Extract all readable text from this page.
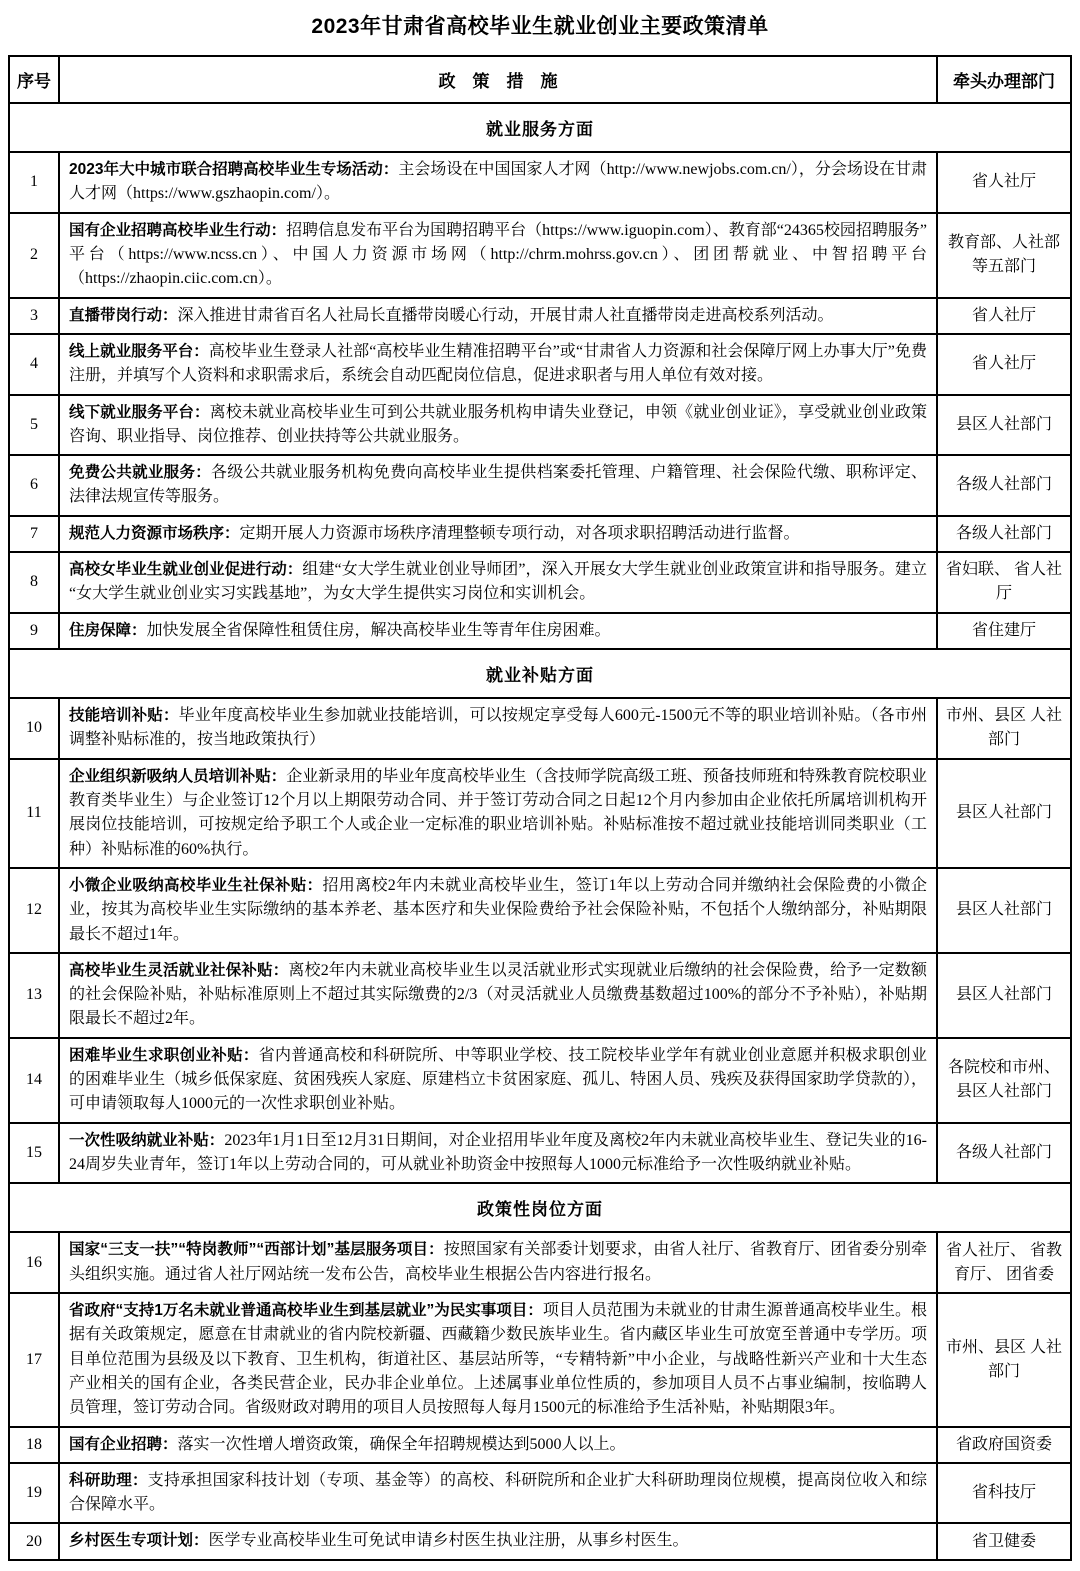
2023年甘肃省高校毕业生就业创业主要政策清单
序号	政　策　措　施	牵头办理部门
就业服务方面		
1	2023年大中城市联合招聘高校毕业生专场活动：主会场设在中国国家人才网（http://www.newjobs.com.cn/），分会场设在甘肃人才网（https://www.gszhaopin.com/）。	省人社厅
2	国有企业招聘高校毕业生行动：招聘信息发布平台为国聘招聘平台（https://www.iguopin.com）、教育部“24365校园招聘服务”平台（https://www.ncss.cn）、中国人力资源市场网（http://chrm.mohrss.gov.cn）、团团帮就业、中智招聘平台（https://zhaopin.ciic.com.cn）。	教育部、人社部等五部门
3	直播带岗行动：深入推进甘肃省百名人社局长直播带岗暖心行动，开展甘肃人社直播带岗走进高校系列活动。	省人社厅
4	线上就业服务平台：高校毕业生登录人社部“高校毕业生精准招聘平台”或“甘肃省人力资源和社会保障厅网上办事大厅”免费注册，并填写个人资料和求职需求后，系统会自动匹配岗位信息，促进求职者与用人单位有效对接。	省人社厅
5	线下就业服务平台：离校未就业高校毕业生可到公共就业服务机构申请失业登记，申领《就业创业证》，享受就业创业政策咨询、职业指导、岗位推荐、创业扶持等公共就业服务。	县区人社部门
6	免费公共就业服务：各级公共就业服务机构免费向高校毕业生提供档案委托管理、户籍管理、社会保险代缴、职称评定、法律法规宣传等服务。	各级人社部门
7	规范人力资源市场秩序：定期开展人力资源市场秩序清理整顿专项行动，对各项求职招聘活动进行监督。	各级人社部门
8	高校女毕业生就业创业促进行动：组建“女大学生就业创业导师团”，深入开展女大学生就业创业政策宣讲和指导服务。建立“女大学生就业创业实习实践基地”，为女大学生提供实习岗位和实训机会。	省妇联、 省人社厅
9	住房保障：加快发展全省保障性租赁住房，解决高校毕业生等青年住房困难。	省住建厅
就业补贴方面		
10	技能培训补贴：毕业年度高校毕业生参加就业技能培训，可以按规定享受每人600元-1500元不等的职业培训补贴。（各市州调整补贴标准的，按当地政策执行）	市州、县区 人社部门
11	企业组织新吸纳人员培训补贴：企业新录用的毕业年度高校毕业生（含技师学院高级工班、预备技师班和特殊教育院校职业教育类毕业生）与企业签订12个月以上期限劳动合同、并于签订劳动合同之日起12个月内参加由企业依托所属培训机构开展岗位技能培训，可按规定给予职工个人或企业一定标准的职业培训补贴。补贴标准按不超过就业技能培训同类职业（工种）补贴标准的60%执行。	县区人社部门
12	小微企业吸纳高校毕业生社保补贴：招用离校2年内未就业高校毕业生，签订1年以上劳动合同并缴纳社会保险费的小微企业，按其为高校毕业生实际缴纳的基本养老、基本医疗和失业保险费给予社会保险补贴，不包括个人缴纳部分，补贴期限最长不超过1年。	县区人社部门
13	高校毕业生灵活就业社保补贴：离校2年内未就业高校毕业生以灵活就业形式实现就业后缴纳的社会保险费，给予一定数额的社会保险补贴，补贴标准原则上不超过其实际缴费的2/3（对灵活就业人员缴费基数超过100%的部分不予补贴），补贴期限最长不超过2年。	县区人社部门
14	困难毕业生求职创业补贴：省内普通高校和科研院所、中等职业学校、技工院校毕业学年有就业创业意愿并积极求职创业的困难毕业生（城乡低保家庭、贫困残疾人家庭、原建档立卡贫困家庭、孤儿、特困人员、残疾及获得国家助学贷款的），可申请领取每人1000元的一次性求职创业补贴。	各院校和市州、 县区人社部门
15	一次性吸纳就业补贴：2023年1月1日至12月31日期间，对企业招用毕业年度及离校2年内未就业高校毕业生、登记失业的16-24周岁失业青年，签订1年以上劳动合同的，可从就业补助资金中按照每人1000元标准给予一次性吸纳就业补贴。	各级人社部门
政策性岗位方面		
16	国家“三支一扶”“特岗教师”“西部计划”基层服务项目：按照国家有关部委计划要求，由省人社厅、省教育厅、团省委分别牵头组织实施。通过省人社厅网站统一发布公告，高校毕业生根据公告内容进行报名。	省人社厅、 省教育厅、 团省委
17	省政府“支持1万名未就业普通高校毕业生到基层就业”为民实事项目：项目人员范围为未就业的甘肃生源普通高校毕业生。根据有关政策规定，愿意在甘肃就业的省内院校新疆、西藏籍少数民族毕业生。省内藏区毕业生可放宽至普通中专学历。项目单位范围为县级及以下教育、卫生机构，街道社区、基层站所等，“专精特新”中小企业，与战略性新兴产业和十大生态产业相关的国有企业，各类民营企业，民办非企业单位。上述属事业单位性质的，参加项目人员不占事业编制，按临聘人员管理，签订劳动合同。省级财政对聘用的项目人员按照每人每月1500元的标准给予生活补贴，补贴期限3年。	市州、县区 人社部门
18	国有企业招聘：落实一次性增人增资政策，确保全年招聘规模达到5000人以上。	省政府国资委
19	科研助理：支持承担国家科技计划（专项、基金等）的高校、科研院所和企业扩大科研助理岗位规模，提高岗位收入和综合保障水平。	省科技厅
20	乡村医生专项计划：医学专业高校毕业生可免试申请乡村医生执业注册，从事乡村医生。	省卫健委
